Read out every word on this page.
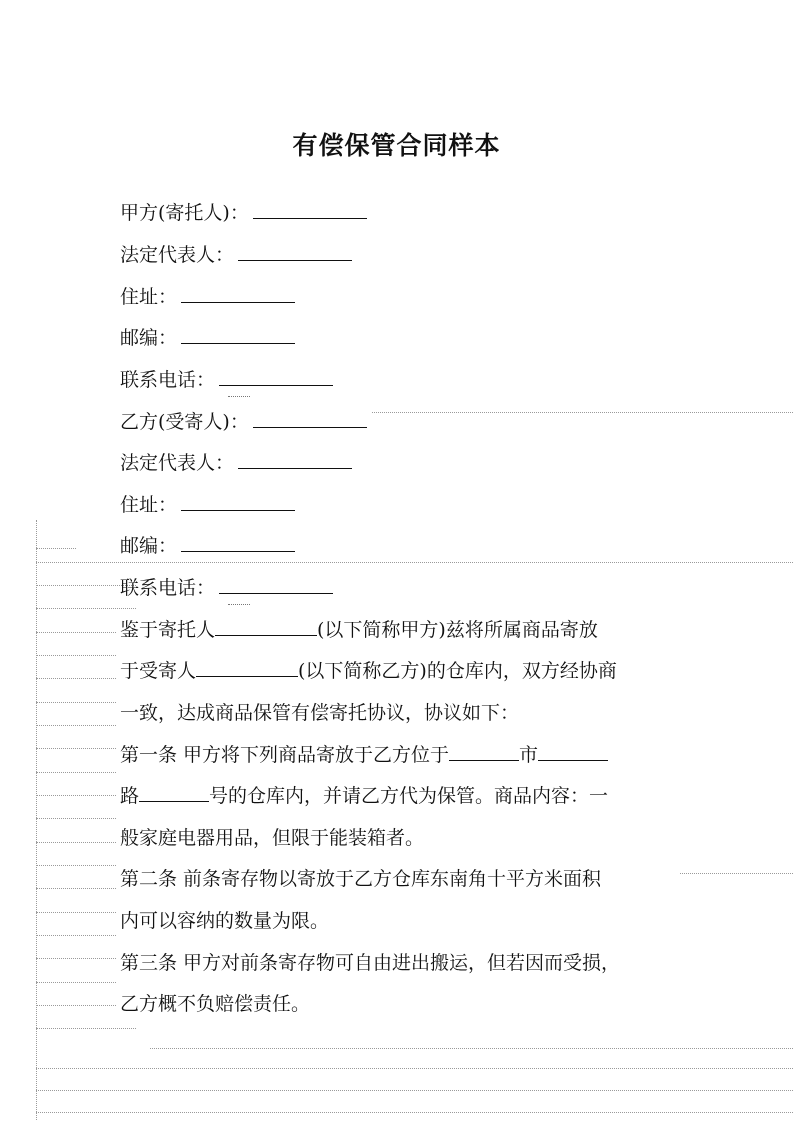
有偿保管合同样本
甲方(寄托人)：
法定代表人：
住址：
邮编：
联系电话：
乙方(受寄人)：
法定代表人：
住址：
邮编：
联系电话：
鉴于寄托人	(以下简称甲方)兹将所属商品寄放
于受寄人	(以下简称乙方)的仓库内，双方经协商
一致，达成商品保管有偿寄托协议，协议如下：
第一条 甲方将下列商品寄放于乙方位于	市
路	号的仓库内，并请乙方代为保管。商品内容：一
般家庭电器用品，但限于能装箱者。
第二条 前条寄存物以寄放于乙方仓库东南角十平方米面积
内可以容纳的数量为限。
第三条 甲方对前条寄存物可自由进出搬运，但若因而受损，
乙方概不负赔偿责任。
